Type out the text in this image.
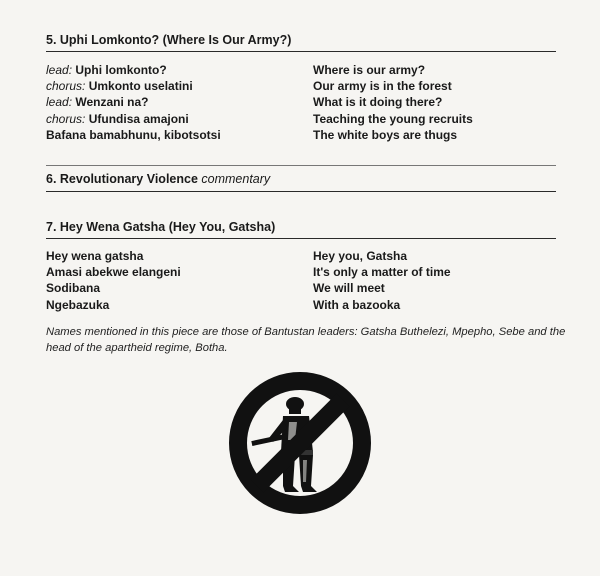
5. Uphi Lomkonto? (Where Is Our Army?)
lead: Uphi lomkonto?
chorus: Umkonto uselatini
lead: Wenzani na?
chorus: Ufundisa amajoni
Bafana bamabhunu, kibotsotsi
Where is our army?
Our army is in the forest
What is it doing there?
Teaching the young recruits
The white boys are thugs
6. Revolutionary Violence commentary
7. Hey Wena Gatsha (Hey You, Gatsha)
Hey wena gatsha
Amasi abekwe elangeni
Sodibana
Ngebazuka
Hey you, Gatsha
It's only a matter of time
We will meet
With a bazooka
Names mentioned in this piece are those of Bantustan leaders: Gatsha Buthelezi, Mpepho, Sebe and the head of the apartheid regime, Botha.
